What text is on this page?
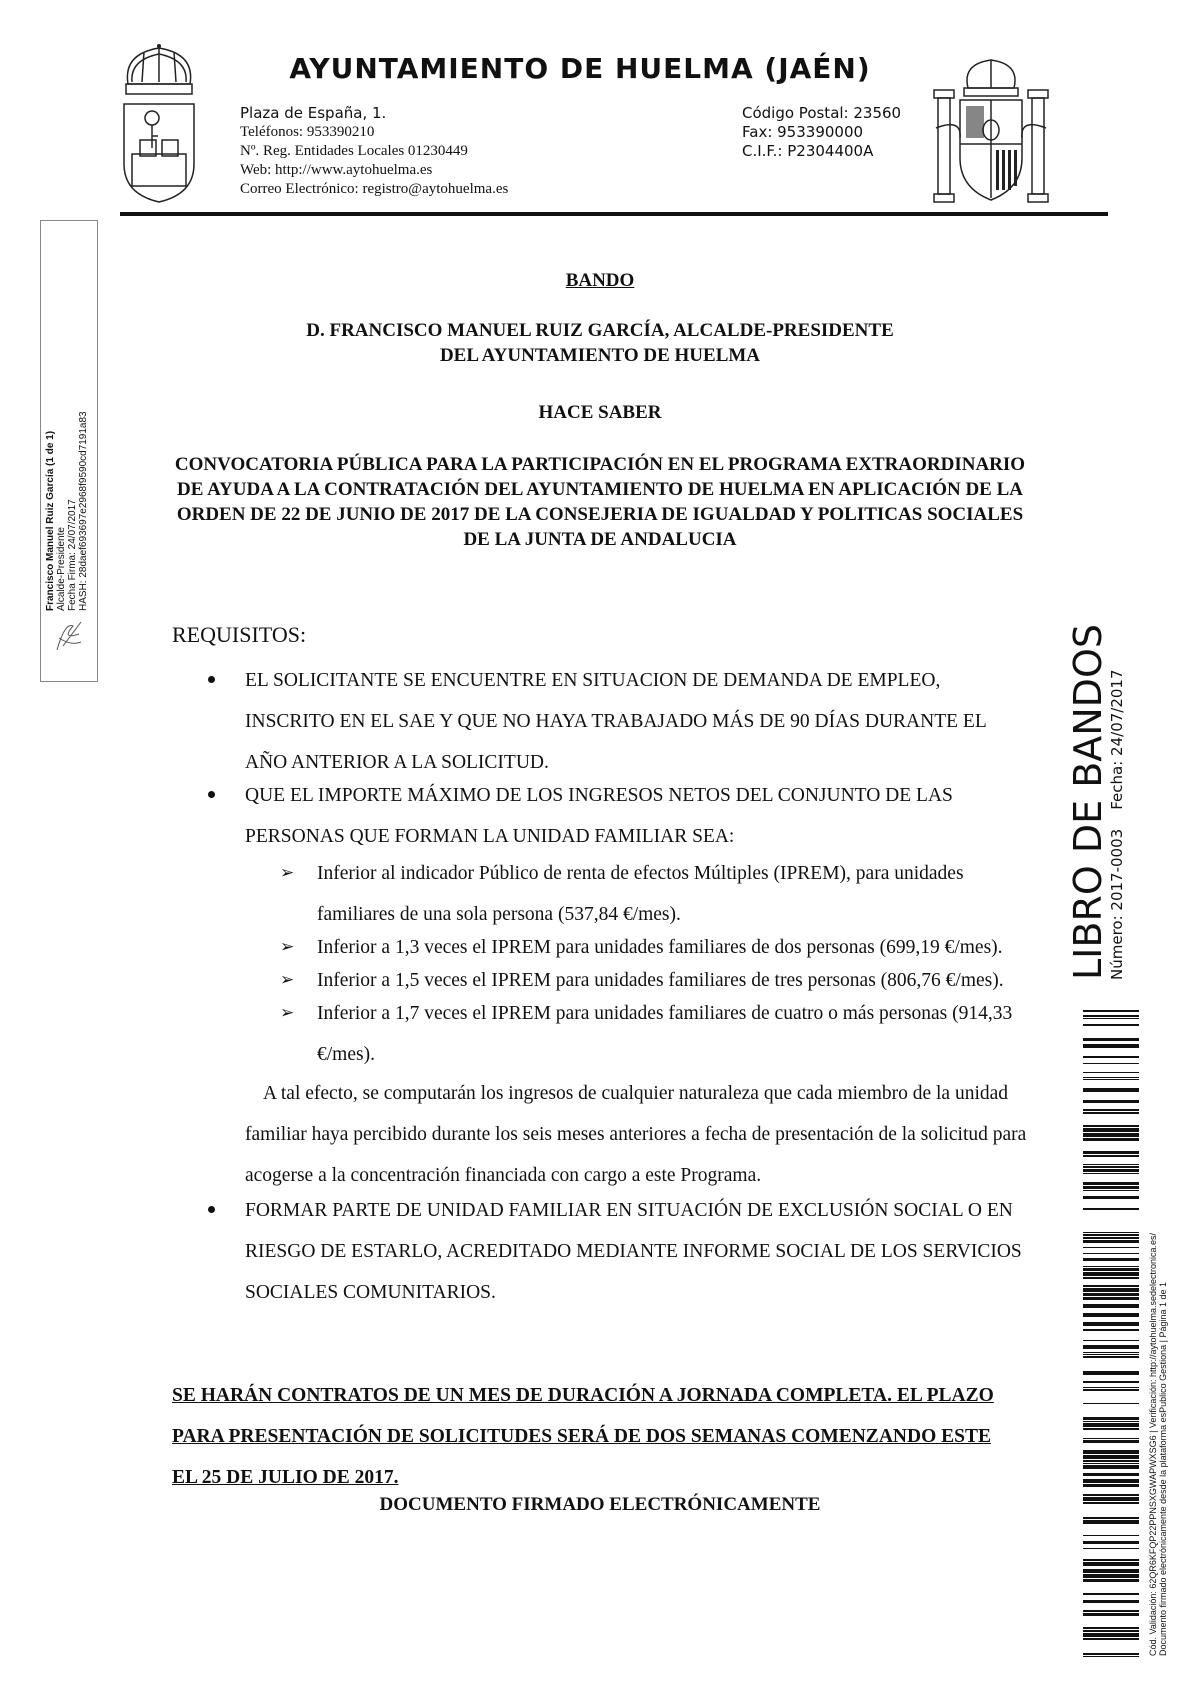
AYUNTAMIENTO DE HUELMA (JAÉN)
Plaza de España, 1.
Teléfonos: 953390210
Nº. Reg. Entidades Locales 01230449
Web: http://www.aytohuelma.es
Correo Electrónico: registro@aytohuelma.es
Código Postal: 23560
Fax: 953390000
C.I.F.: P2304400A
Francisco Manuel Ruiz García (1 de 1) Alcalde-Presidente Fecha Firma: 24/07/2017 HASH: 28daef693697e2968f9590cd7191a83
LIBRO DE BANDOS
Número: 2017-0003    Fecha: 24/07/2017
Cód. Validación: 62QR6KFQP22PPNSXGWAPWXSG6 | Verificación: http://aytohuelma.sedelectronica.es/ Documento firmado electrónicamente desde la plataforma esPublico Gestiona | Página 1 de 1
BANDO
D. FRANCISCO MANUEL RUIZ GARCÍA, ALCALDE-PRESIDENTE DEL AYUNTAMIENTO DE HUELMA
HACE SABER
CONVOCATORIA PÚBLICA PARA LA PARTICIPACIÓN EN EL PROGRAMA EXTRAORDINARIO DE AYUDA A LA CONTRATACIÓN DEL AYUNTAMIENTO DE HUELMA EN APLICACIÓN DE LA ORDEN DE 22 DE JUNIO DE 2017 DE LA CONSEJERIA DE IGUALDAD Y POLITICAS SOCIALES DE LA JUNTA DE ANDALUCIA
REQUISITOS:
EL SOLICITANTE SE ENCUENTRE EN SITUACION DE DEMANDA DE EMPLEO, INSCRITO EN EL SAE Y QUE NO HAYA TRABAJADO MÁS DE 90 DÍAS DURANTE EL AÑO ANTERIOR A LA SOLICITUD.
QUE EL IMPORTE MÁXIMO DE LOS INGRESOS NETOS DEL CONJUNTO DE LAS PERSONAS QUE FORMAN LA UNIDAD FAMILIAR SEA:
➢ Inferior al indicador Público de renta de efectos Múltiples (IPREM), para unidades familiares de una sola persona (537,84 €/mes).
➢ Inferior a 1,3 veces el IPREM para unidades familiares de dos personas (699,19 €/mes).
➢ Inferior a 1,5 veces el IPREM para unidades familiares de tres personas (806,76 €/mes).
➢ Inferior a 1,7 veces el IPREM para unidades familiares de cuatro o más personas (914,33 €/mes).
A tal efecto, se computarán los ingresos de cualquier naturaleza que cada miembro de la unidad familiar haya percibido durante los seis meses anteriores a fecha de presentación de la solicitud para acogerse a la concentración financiada con cargo a este Programa.
FORMAR PARTE DE UNIDAD FAMILIAR EN SITUACIÓN DE EXCLUSIÓN SOCIAL O EN RIESGO DE ESTARLO, ACREDITADO MEDIANTE INFORME SOCIAL DE LOS SERVICIOS SOCIALES COMUNITARIOS.
SE HARÁN CONTRATOS DE UN MES DE DURACIÓN A JORNADA COMPLETA. EL PLAZO PARA PRESENTACIÓN DE SOLICITUDES SERÁ DE DOS SEMANAS COMENZANDO ESTE EL 25 DE JULIO DE 2017.
DOCUMENTO FIRMADO ELECTRÓNICAMENTE
